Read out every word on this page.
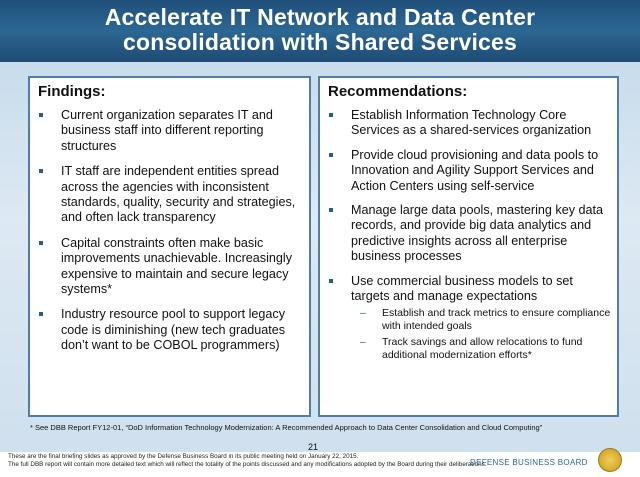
Accelerate IT Network and Data Center
consolidation with Shared Services
Findings:
Current organization separates IT and business staff into different reporting structures
IT staff are independent entities spread across the agencies with inconsistent standards, quality, security and strategies, and often lack transparency
Capital constraints often make basic improvements unachievable. Increasingly expensive to maintain and secure legacy systems*
Industry resource pool to support legacy code is diminishing (new tech graduates don’t want to be COBOL programmers)
Recommendations:
Establish Information Technology Core Services as a shared-services organization
Provide cloud provisioning and data pools to Innovation and Agility Support Services and Action Centers using self-service
Manage large data pools, mastering key data records, and provide big data analytics and predictive insights across all enterprise business processes
Use commercial business models to set targets and manage expectations
– Establish and track metrics to ensure compliance with intended goals
– Track savings and allow relocations to fund additional modernization efforts*
* See DBB Report FY12-01, “DoD Information Technology Modernization: A Recommended Approach to Data Center Consolidation and Cloud Computing”
21
These are the final briefing slides as approved by the Defense Business Board in its public meeting held on January 22, 2015.
The full DBB report will contain more detailed text which will reflect the totality of the points discussed and any modifications adopted by the Board during their deliberations.
DEFENSE BUSINESS BOARD
